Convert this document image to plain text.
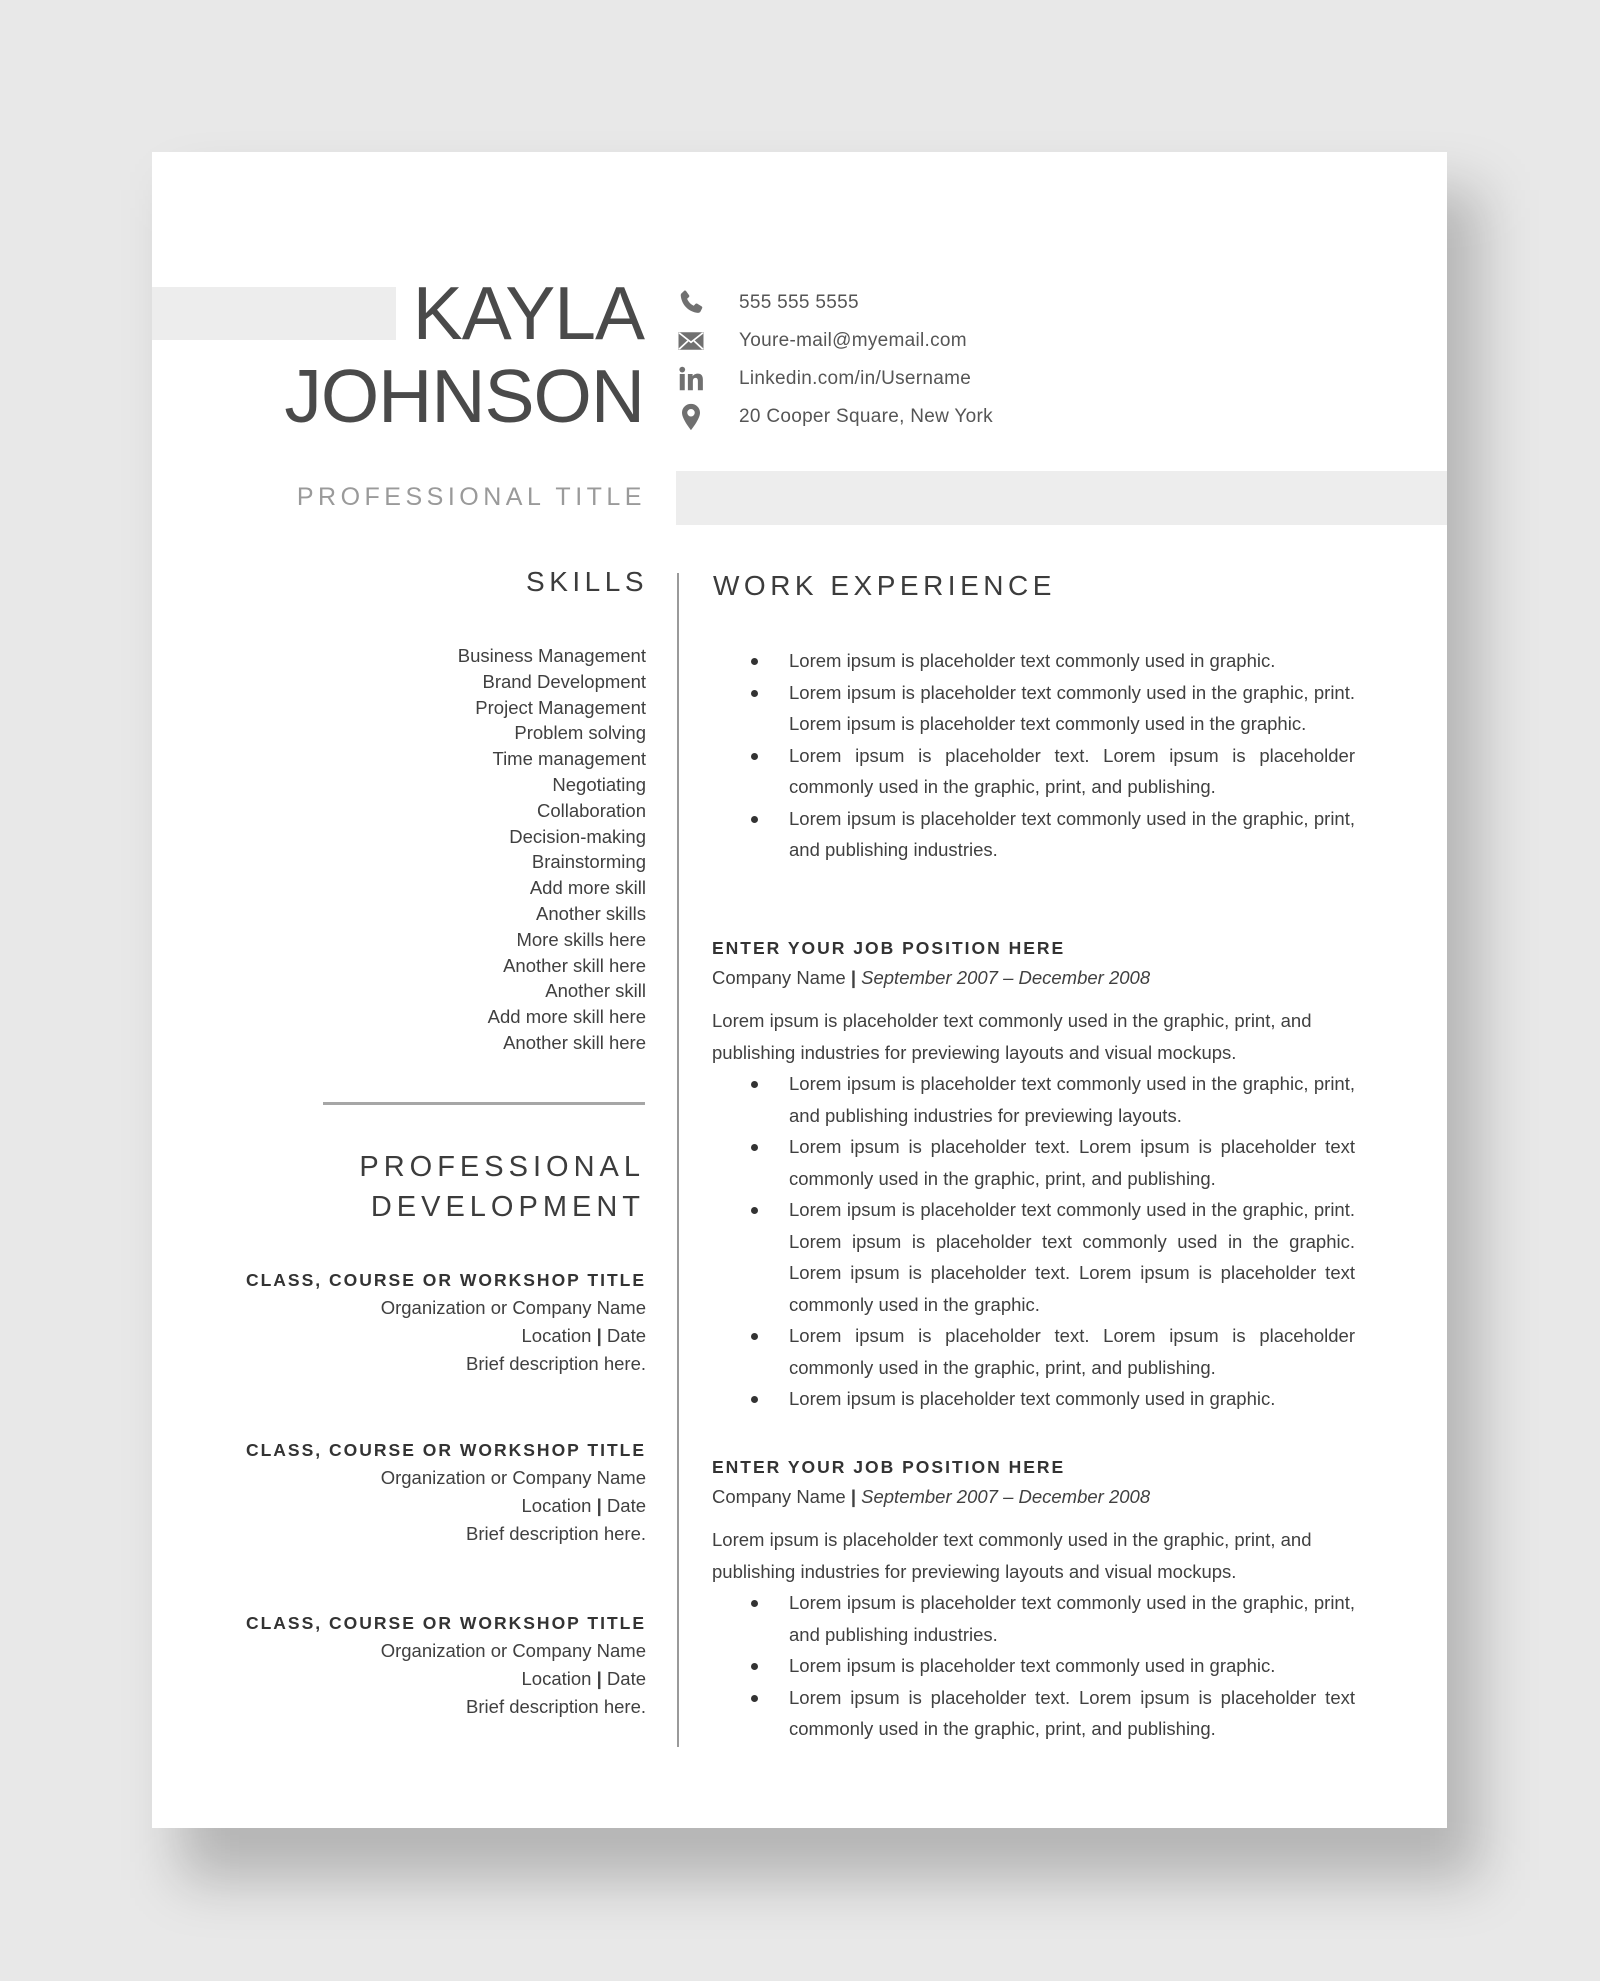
KAYLA
JOHNSON
PROFESSIONAL TITLE
555 555 5555
Youre-mail@myemail.com
Linkedin.com/in/Username
20 Cooper Square, New York
SKILLS
Business Management
Brand Development
Project Management
Problem solving
Time management
Negotiating
Collaboration
Decision-making
Brainstorming
Add more skill
Another skills
More skills here
Another skill here
Another skill
Add more skill here
Another skill here
PROFESSIONAL
DEVELOPMENT
CLASS, COURSE OR WORKSHOP TITLE
Organization or Company Name
Location | Date
Brief description here.
CLASS, COURSE OR WORKSHOP TITLE
Organization or Company Name
Location | Date
Brief description here.
CLASS, COURSE OR WORKSHOP TITLE
Organization or Company Name
Location | Date
Brief description here.
WORK EXPERIENCE
Lorem ipsum is placeholder text commonly used in graphic.
Lorem ipsum is placeholder text commonly used in the graphic, print. Lorem ipsum is placeholder text commonly used in the graphic.
Lorem ipsum is placeholder text. Lorem ipsum is placeholder commonly used in the graphic, print, and publishing.
Lorem ipsum is placeholder text commonly used in the graphic, print, and publishing industries.
ENTER YOUR JOB POSITION HERE
Company Name | September 2007 – December 2008
Lorem ipsum is placeholder text commonly used in the graphic, print, and publishing industries for previewing layouts and visual mockups.
Lorem ipsum is placeholder text commonly used in the graphic, print, and publishing industries for previewing layouts.
Lorem ipsum is placeholder text. Lorem ipsum is placeholder text commonly used in the graphic, print, and publishing.
Lorem ipsum is placeholder text commonly used in the graphic, print. Lorem ipsum is placeholder text commonly used in the graphic. Lorem ipsum is placeholder text. Lorem ipsum is placeholder text commonly used in the graphic.
Lorem ipsum is placeholder text. Lorem ipsum is placeholder commonly used in the graphic, print, and publishing.
Lorem ipsum is placeholder text commonly used in graphic.
ENTER YOUR JOB POSITION HERE
Company Name | September 2007 – December 2008
Lorem ipsum is placeholder text commonly used in the graphic, print, and publishing industries for previewing layouts and visual mockups.
Lorem ipsum is placeholder text commonly used in the graphic, print, and publishing industries.
Lorem ipsum is placeholder text commonly used in graphic.
Lorem ipsum is placeholder text. Lorem ipsum is placeholder text commonly used in the graphic, print, and publishing.
